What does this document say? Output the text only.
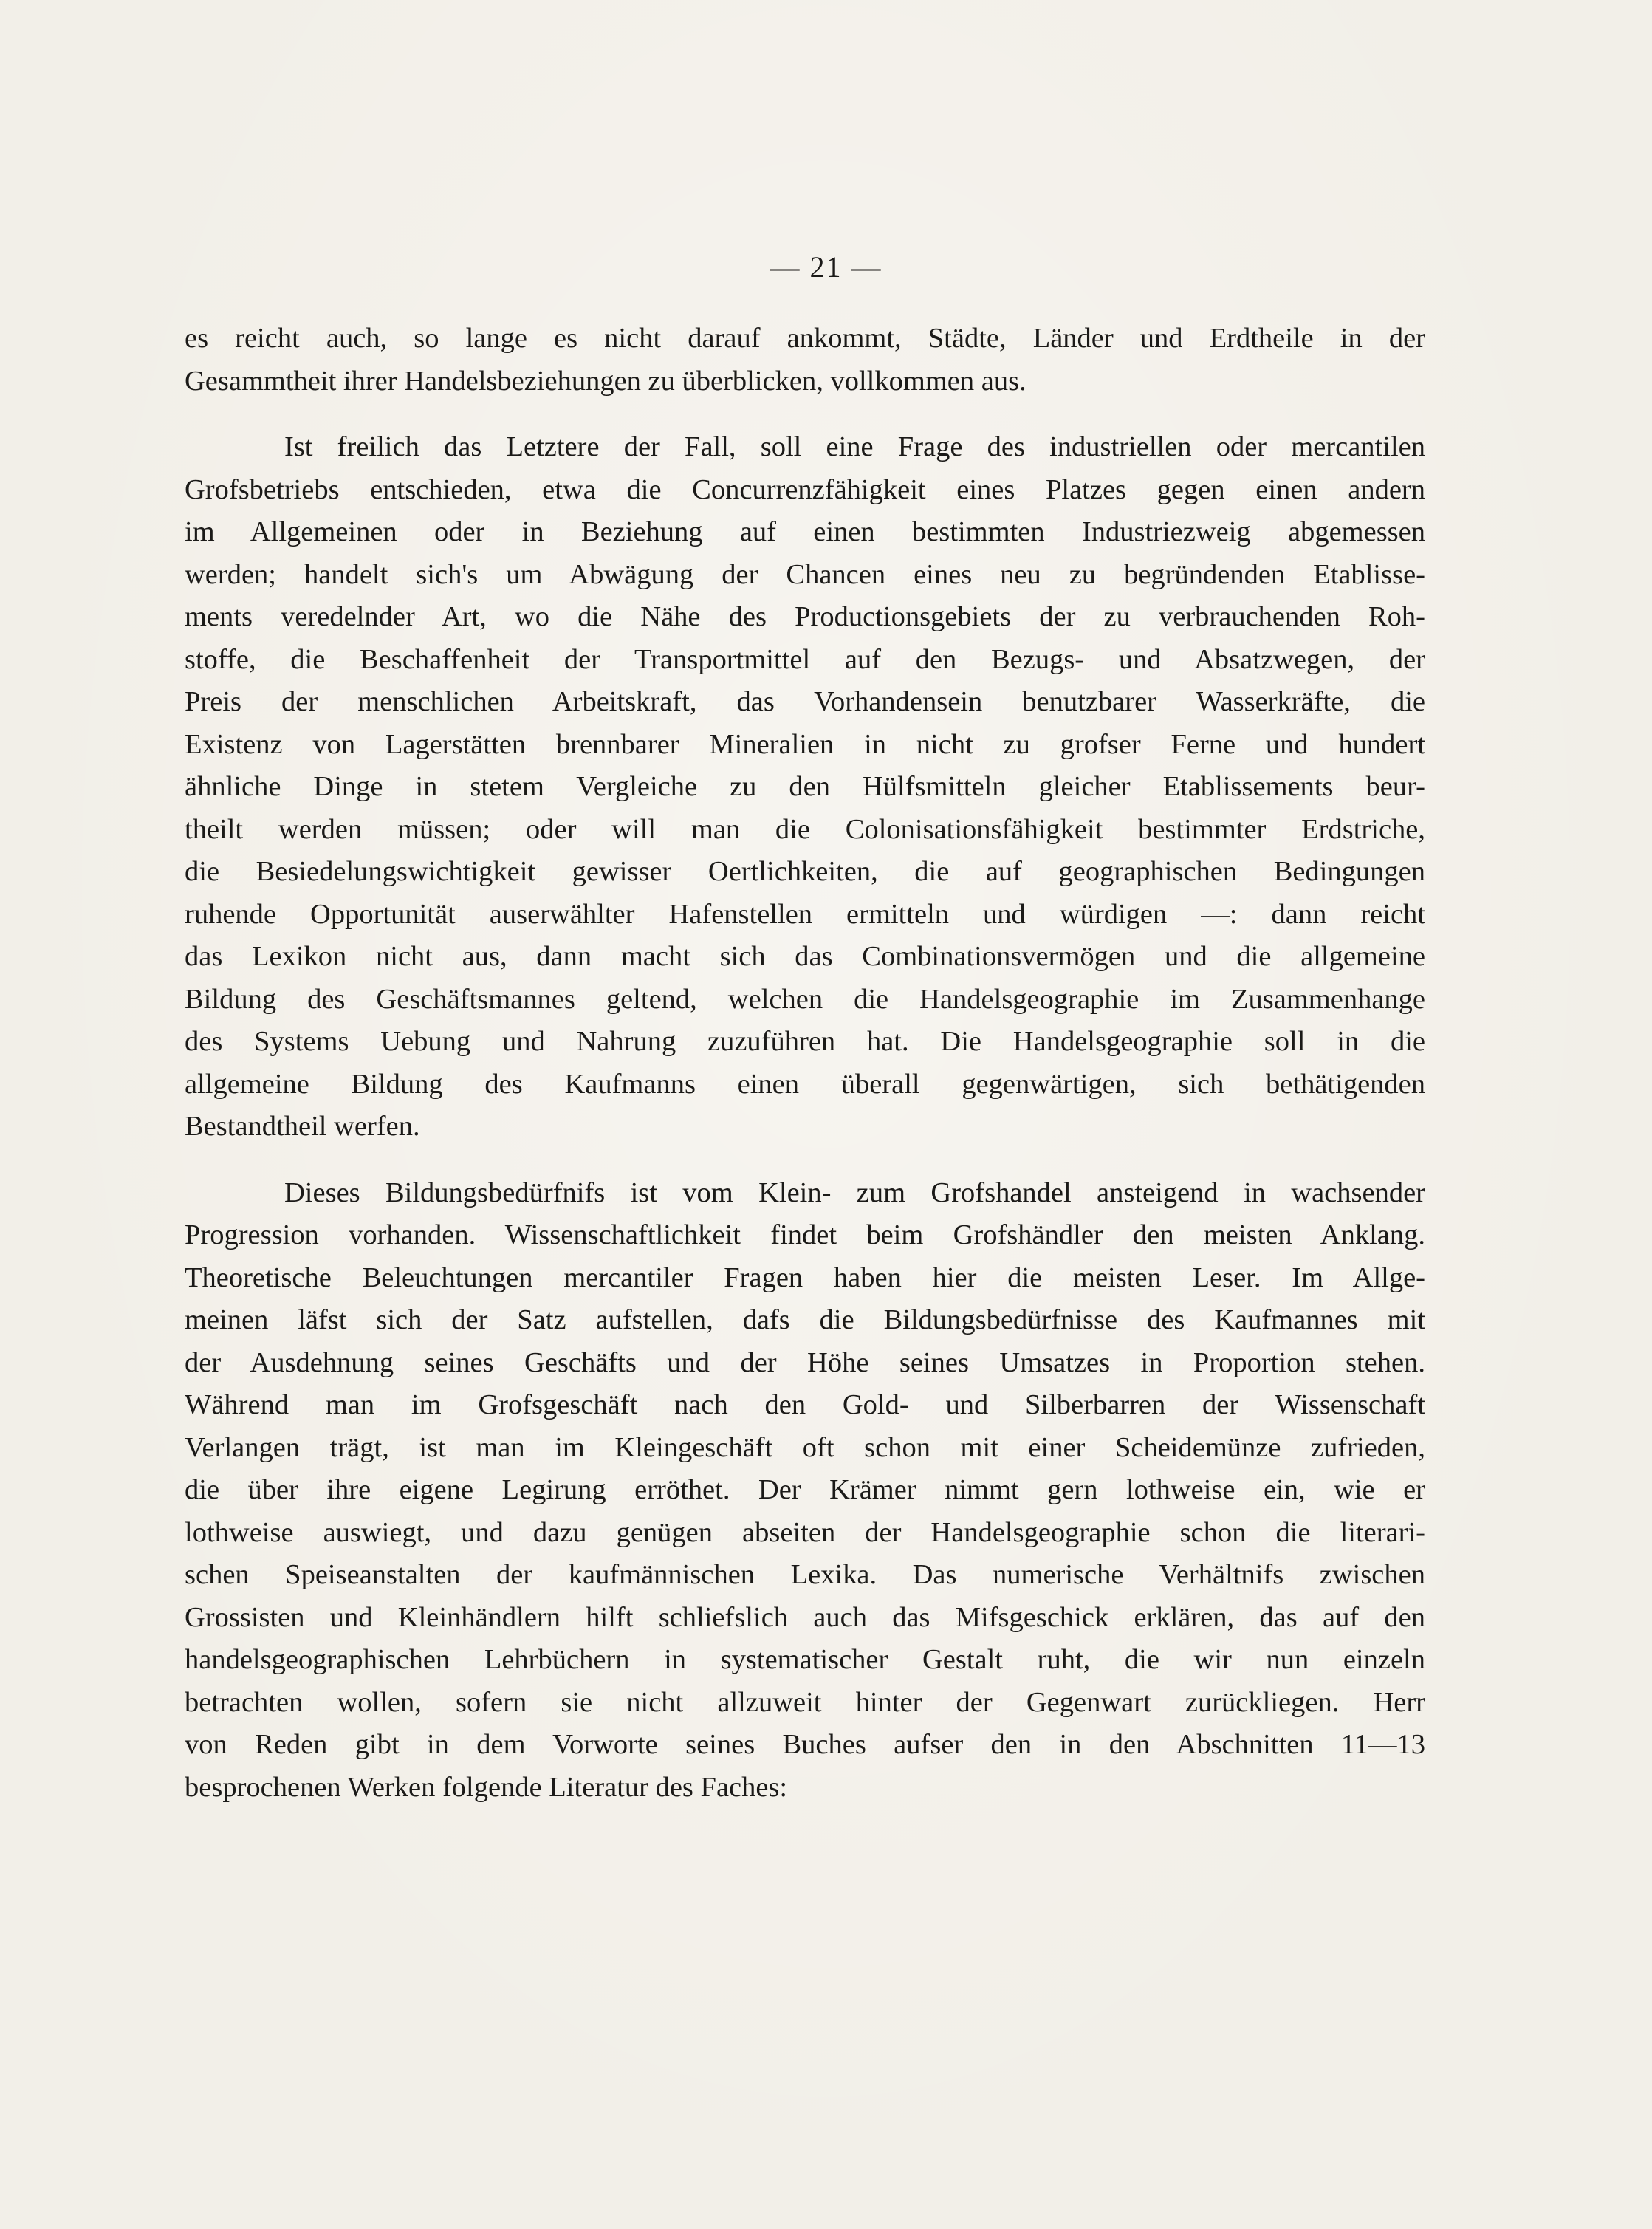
— 21 —

es reicht auch, so lange es nicht darauf ankommt, Städte, Länder und Erdtheile in der
Gesammtheit ihrer Handelsbeziehungen zu überblicken, vollkommen aus.

Ist freilich das Letztere der Fall, soll eine Frage des industriellen oder mercantilen
Grofsbetriebs entschieden, etwa die Concurrenzfähigkeit eines Platzes gegen einen andern
im Allgemeinen oder in Beziehung auf einen bestimmten Industriezweig abgemessen
werden; handelt sich's um Abwägung der Chancen eines neu zu begründenden Etablisse-
ments veredelnder Art, wo die Nähe des Productionsgebiets der zu verbrauchenden Roh-
stoffe, die Beschaffenheit der Transportmittel auf den Bezugs- und Absatzwegen, der
Preis der menschlichen Arbeitskraft, das Vorhandensein benutzbarer Wasserkräfte, die
Existenz von Lagerstätten brennbarer Mineralien in nicht zu grofser Ferne und hundert
ähnliche Dinge in stetem Vergleiche zu den Hülfsmitteln gleicher Etablissements beur-
theilt werden müssen; oder will man die Colonisationsfähigkeit bestimmter Erdstriche,
die Besiedelungswichtigkeit gewisser Oertlichkeiten, die auf geographischen Bedingungen
ruhende Opportunität auserwählter Hafenstellen ermitteln und würdigen —: dann reicht
das Lexikon nicht aus, dann macht sich das Combinationsvermögen und die allgemeine
Bildung des Geschäftsmannes geltend, welchen die Handelsgeographie im Zusammenhange
des Systems Uebung und Nahrung zuzuführen hat. Die Handelsgeographie soll in die
allgemeine Bildung des Kaufmanns einen überall gegenwärtigen, sich bethätigenden
Bestandtheil werfen.

Dieses Bildungsbedürfnifs ist vom Klein- zum Grofshandel ansteigend in wachsender
Progression vorhanden. Wissenschaftlichkeit findet beim Grofshändler den meisten Anklang.
Theoretische Beleuchtungen mercantiler Fragen haben hier die meisten Leser. Im Allge-
meinen läfst sich der Satz aufstellen, dafs die Bildungsbedürfnisse des Kaufmannes mit
der Ausdehnung seines Geschäfts und der Höhe seines Umsatzes in Proportion stehen.
Während man im Grofsgeschäft nach den Gold- und Silberbarren der Wissenschaft
Verlangen trägt, ist man im Kleingeschäft oft schon mit einer Scheidemünze zufrieden,
die über ihre eigene Legirung erröthet. Der Krämer nimmt gern lothweise ein, wie er
lothweise auswiegt, und dazu genügen abseiten der Handelsgeographie schon die literari-
schen Speiseanstalten der kaufmännischen Lexika. Das numerische Verhältnifs zwischen
Grossisten und Kleinhändlern hilft schliefslich auch das Mifsgeschick erklären, das auf den
handelsgeographischen Lehrbüchern in systematischer Gestalt ruht, die wir nun einzeln
betrachten wollen, sofern sie nicht allzuweit hinter der Gegenwart zurückliegen. Herr
von Reden gibt in dem Vorworte seines Buches aufser den in den Abschnitten 11—13
besprochenen Werken folgende Literatur des Faches:
